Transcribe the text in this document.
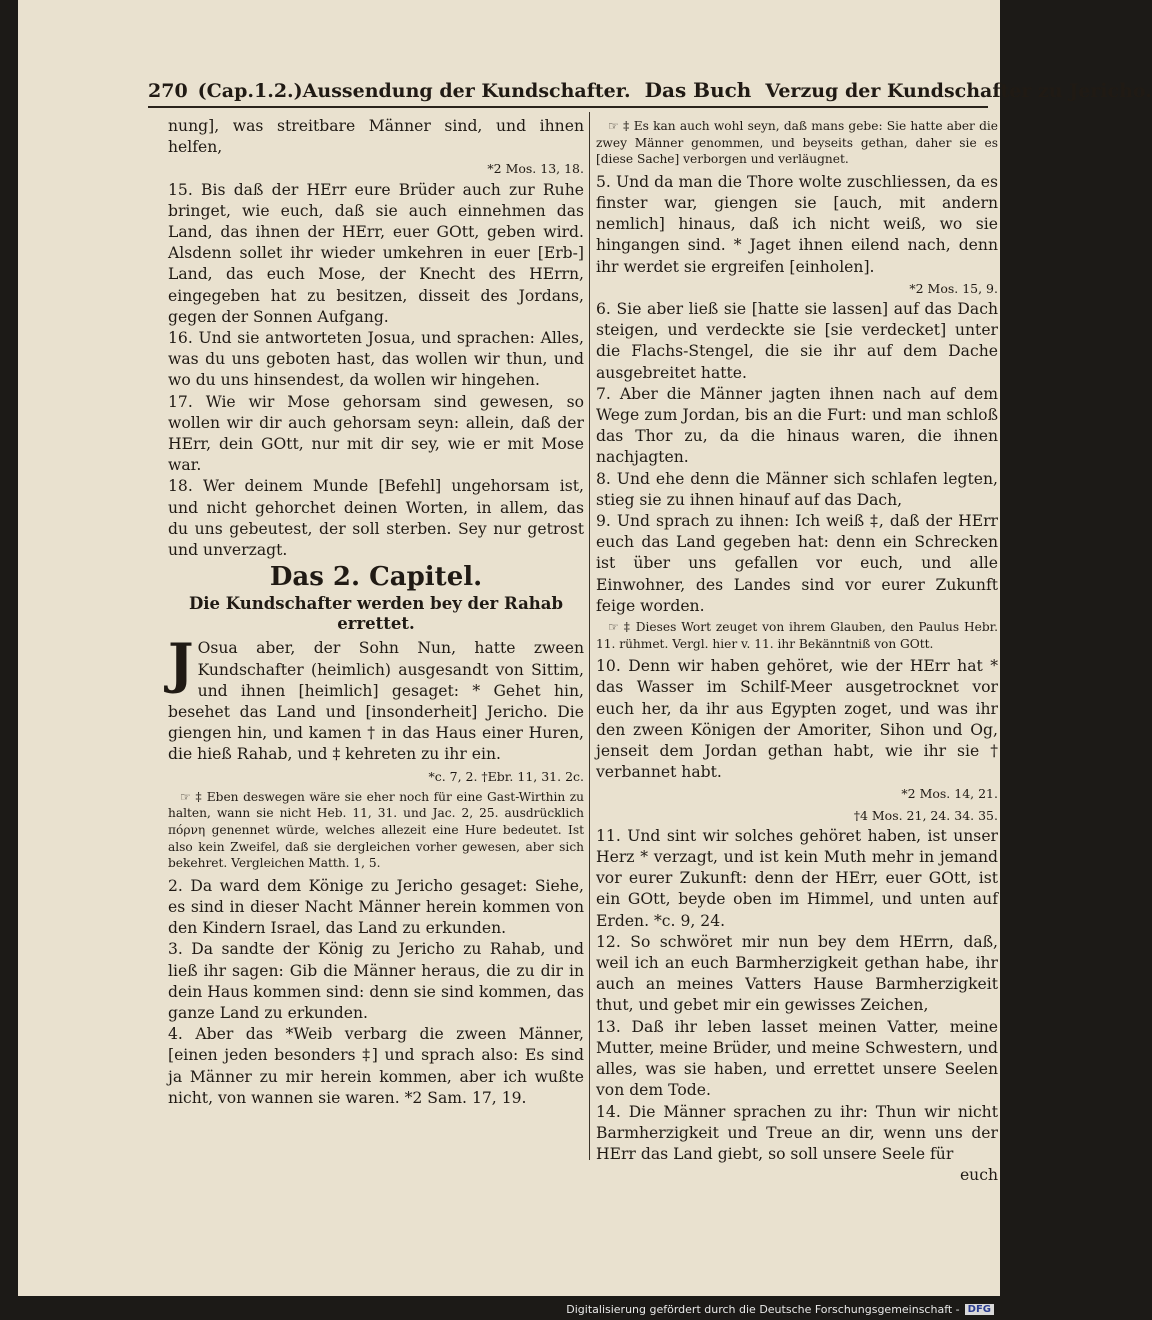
270 (Cap.1.2.) Aussendung der Kundschafter. Das Buch Verzug der Kundschafter zu Jericho.

nung], was streitbare Männer sind, und ihnen helfen,

*2 Mos. 13, 18.

15. Bis daß der HErr eure Brüder auch zur Ruhe bringet, wie euch, daß sie auch einnehmen das Land, das ihnen der HErr, euer GOtt, geben wird. Alsdenn sollet ihr wieder umkehren in euer [Erb-] Land, das euch Mose, der Knecht des HErrn, eingegeben hat zu besitzen, disseit des Jordans, gegen der Sonnen Aufgang.

16. Und sie antworteten Josua, und sprachen: Alles, was du uns geboten hast, das wollen wir thun, und wo du uns hinsendest, da wollen wir hingehen.

17. Wie wir Mose gehorsam sind gewesen, so wollen wir dir auch gehorsam seyn: allein, daß der HErr, dein GOtt, nur mit dir sey, wie er mit Mose war.

18. Wer deinem Munde [Befehl] ungehorsam ist, und nicht gehorchet deinen Worten, in allem, das du uns gebeutest, der soll sterben. Sey nur getrost und unverzagt.

Das 2. Capitel.

Die Kundschafter werden bey der Rahab errettet.

J Osua aber, der Sohn Nun, hatte zween Kundschafter (heimlich) ausgesandt von Sittim, und ihnen [heimlich] gesaget: * Gehet hin, besehet das Land und [insonderheit] Jericho. Die giengen hin, und kamen † in das Haus einer Huren, die hieß Rahab, und ‡ kehreten zu ihr ein.

*c. 7, 2. †Ebr. 11, 31. 2c.

☞ ‡ Eben deswegen wäre sie eher noch für eine Gast-Wirthin zu halten, wann sie nicht Heb. 11, 31. und Jac. 2, 25. ausdrücklich πόρνη genennet würde, welches allezeit eine Hure bedeutet. Ist also kein Zweifel, daß sie dergleichen vorher gewesen, aber sich bekehret. Vergleichen Matth. 1, 5.

2. Da ward dem Könige zu Jericho gesaget: Siehe, es sind in dieser Nacht Männer herein kommen von den Kindern Israel, das Land zu erkunden.

3. Da sandte der König zu Jericho zu Rahab, und ließ ihr sagen: Gib die Männer heraus, die zu dir in dein Haus kommen sind: denn sie sind kommen, das ganze Land zu erkunden.

4. Aber das *Weib verbarg die zween Männer, [einen jeden besonders ‡] und sprach also: Es sind ja Männer zu mir herein kommen, aber ich wußte nicht, von wannen sie waren. *2 Sam. 17, 19.

☞ ‡ Es kan auch wohl seyn, daß mans gebe: Sie hatte aber die zwey Männer genommen, und beyseits gethan, daher sie es [diese Sache] verborgen und verläugnet.

5. Und da man die Thore wolte zuschliessen, da es finster war, giengen sie [auch, mit andern nemlich] hinaus, daß ich nicht weiß, wo sie hingangen sind. * Jaget ihnen eilend nach, denn ihr werdet sie ergreifen [einholen].

*2 Mos. 15, 9.

6. Sie aber ließ sie [hatte sie lassen] auf das Dach steigen, und verdeckte sie [sie verdecket] unter die Flachs-Stengel, die sie ihr auf dem Dache ausgebreitet hatte.

7. Aber die Männer jagten ihnen nach auf dem Wege zum Jordan, bis an die Furt: und man schloß das Thor zu, da die hinaus waren, die ihnen nachjagten.

8. Und ehe denn die Männer sich schlafen legten, stieg sie zu ihnen hinauf auf das Dach,

9. Und sprach zu ihnen: Ich weiß ‡, daß der HErr euch das Land gegeben hat: denn ein Schrecken ist über uns gefallen vor euch, und alle Einwohner, des Landes sind vor eurer Zukunft feige worden.

☞ ‡ Dieses Wort zeuget von ihrem Glauben, den Paulus Hebr. 11. rühmet. Vergl. hier v. 11. ihr Bekänntniß von GOtt.

10. Denn wir haben gehöret, wie der HErr hat * das Wasser im Schilf-Meer ausgetrocknet vor euch her, da ihr aus Egypten zoget, und was ihr den zween Königen der Amoriter, Sihon und Og, jenseit dem Jordan gethan habt, wie ihr sie † verbannet habt.

*2 Mos. 14, 21.

†4 Mos. 21, 24. 34. 35.

11. Und sint wir solches gehöret haben, ist unser Herz * verzagt, und ist kein Muth mehr in jemand vor eurer Zukunft: denn der HErr, euer GOtt, ist ein GOtt, beyde oben im Himmel, und unten auf Erden. *c. 9, 24.

12. So schwöret mir nun bey dem HErrn, daß, weil ich an euch Barmherzigkeit gethan habe, ihr auch an meines Vatters Hause Barmherzigkeit thut, und gebet mir ein gewisses Zeichen,

13. Daß ihr leben lasset meinen Vatter, meine Mutter, meine Brüder, und meine Schwestern, und alles, was sie haben, und errettet unsere Seelen von dem Tode.

14. Die Männer sprachen zu ihr: Thun wir nicht Barmherzigkeit und Treue an dir, wenn uns der HErr das Land giebt, so soll unsere Seele für

euch

Digitalisierung gefördert durch die Deutsche Forschungsgemeinschaft - DFG
